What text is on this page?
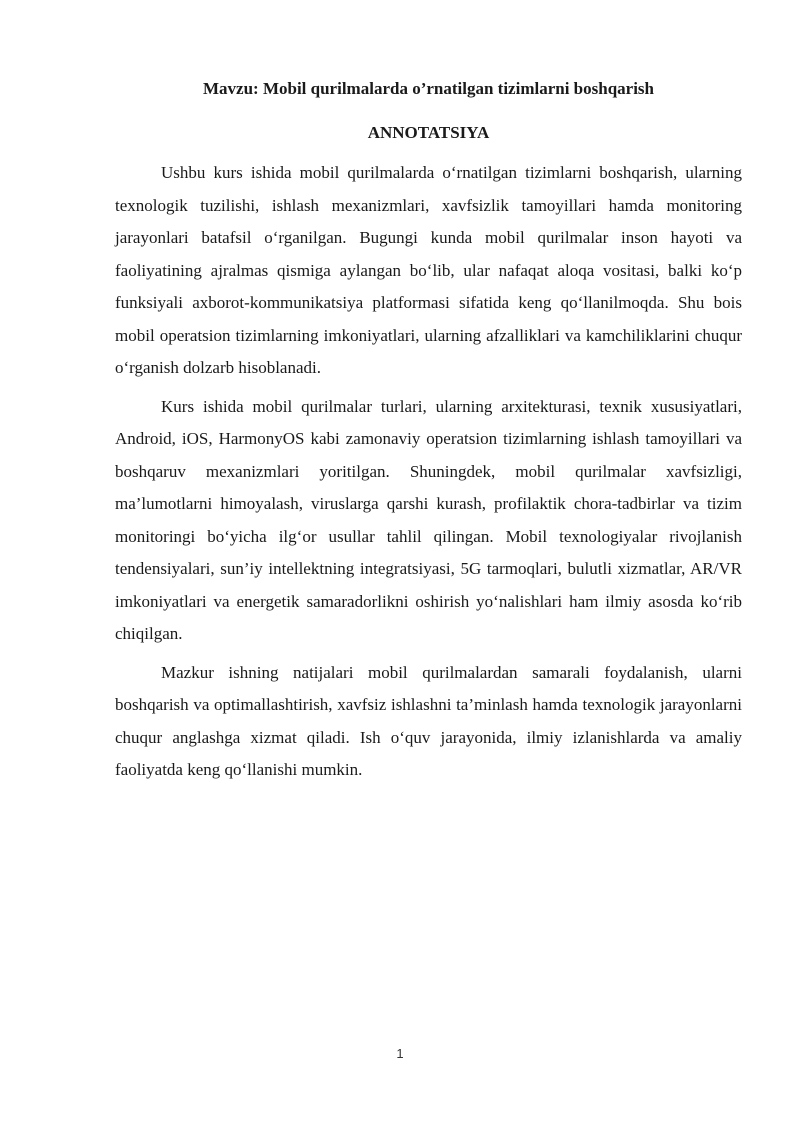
Mavzu: Mobil qurilmalarda o’rnatilgan tizimlarni boshqarish
ANNOTATSIYA

Ushbu kurs ishida mobil qurilmalarda o‘rnatilgan tizimlarni boshqarish, ularning texnologik tuzilishi, ishlash mexanizmlari, xavfsizlik tamoyillari hamda monitoring jarayonlari batafsil o‘rganilgan. Bugungi kunda mobil qurilmalar inson hayoti va faoliyatining ajralmas qismiga aylangan bo‘lib, ular nafaqat aloqa vositasi, balki ko‘p funksiyali axborot-kommunikatsiya platformasi sifatida keng qo‘llanilmoqda. Shu bois mobil operatsion tizimlarning imkoniyatlari, ularning afzalliklari va kamchiliklarini chuqur o‘rganish dolzarb hisoblanadi.

Kurs ishida mobil qurilmalar turlari, ularning arxitekturasi, texnik xususiyatlari, Android, iOS, HarmonyOS kabi zamonaviy operatsion tizimlarning ishlash tamoyillari va boshqaruv mexanizmlari yoritilgan. Shuningdek, mobil qurilmalar xavfsizligi, ma’lumotlarni himoyalash, viruslarga qarshi kurash, profilaktik chora-tadbirlar va tizim monitoringi bo‘yicha ilg‘or usullar tahlil qilingan. Mobil texnologiyalar rivojlanish tendensiyalari, sun’iy intellektning integratsiyasi, 5G tarmoqlari, bulutli xizmatlar, AR/VR imkoniyatlari va energetik samaradorlikni oshirish yo‘nalishlari ham ilmiy asosda ko‘rib chiqilgan.

Mazkur ishning natijalari mobil qurilmalardan samarali foydalanish, ularni boshqarish va optimallashtirish, xavfsiz ishlashni ta’minlash hamda texnologik jarayonlarni chuqur anglashga xizmat qiladi. Ish o‘quv jarayonida, ilmiy izlanishlarda va amaliy faoliyatda keng qo‘llanishi mumkin.

1
